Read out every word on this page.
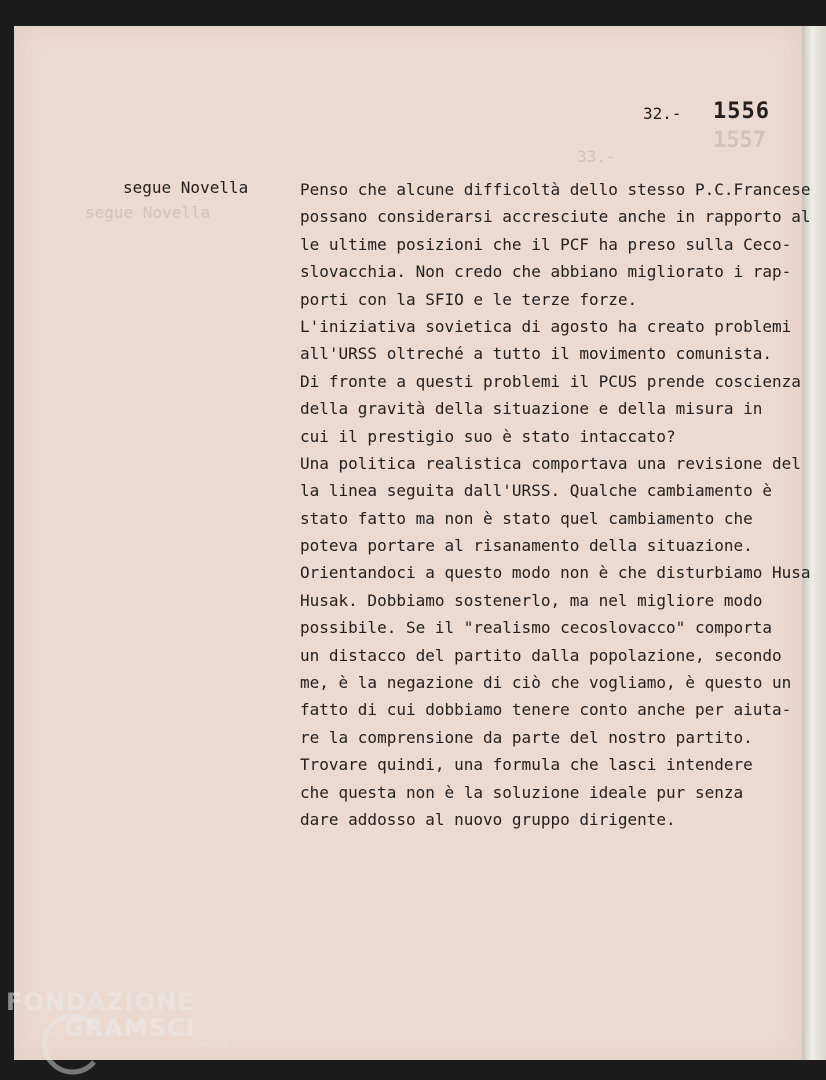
1557
33.-
segue Novella
32.- 1556
segue Novella	Penso che alcune difficoltà dello stesso P.C.Francese
possano considerarsi accresciute anche in rapporto al
le ultime posizioni che il PCF ha preso sulla Ceco-
slovacchia. Non credo che abbiano migliorato i rap-
porti con la SFIO e le terze forze.
L'iniziativa sovietica di agosto ha creato problemi
all'URSS oltreché a tutto il movimento comunista.
Di fronte a questi problemi il PCUS prende coscienza
della gravità della situazione e della misura in
cui il prestigio suo è stato intaccato?
Una politica realistica comportava una revisione del
la linea seguita dall'URSS. Qualche cambiamento è
stato fatto ma non è stato quel cambiamento che
poteva portare al risanamento della situazione.
Orientandoci a questo modo non è che disturbiamo Husa
Husak. Dobbiamo sostenerlo, ma nel migliore modo
possibile. Se il "realismo cecoslovacco" comporta
un distacco del partito dalla popolazione, secondo
me, è la negazione di ciò che vogliamo, è questo un
fatto di cui dobbiamo tenere conto anche per aiuta-
re la comprensione da parte del nostro partito.
Trovare quindi, una formula che lasci intendere
che questa non è la soluzione ideale pur senza
dare addosso al nuovo gruppo dirigente.
FONDAZIONE
GRAMSCI
onlus
